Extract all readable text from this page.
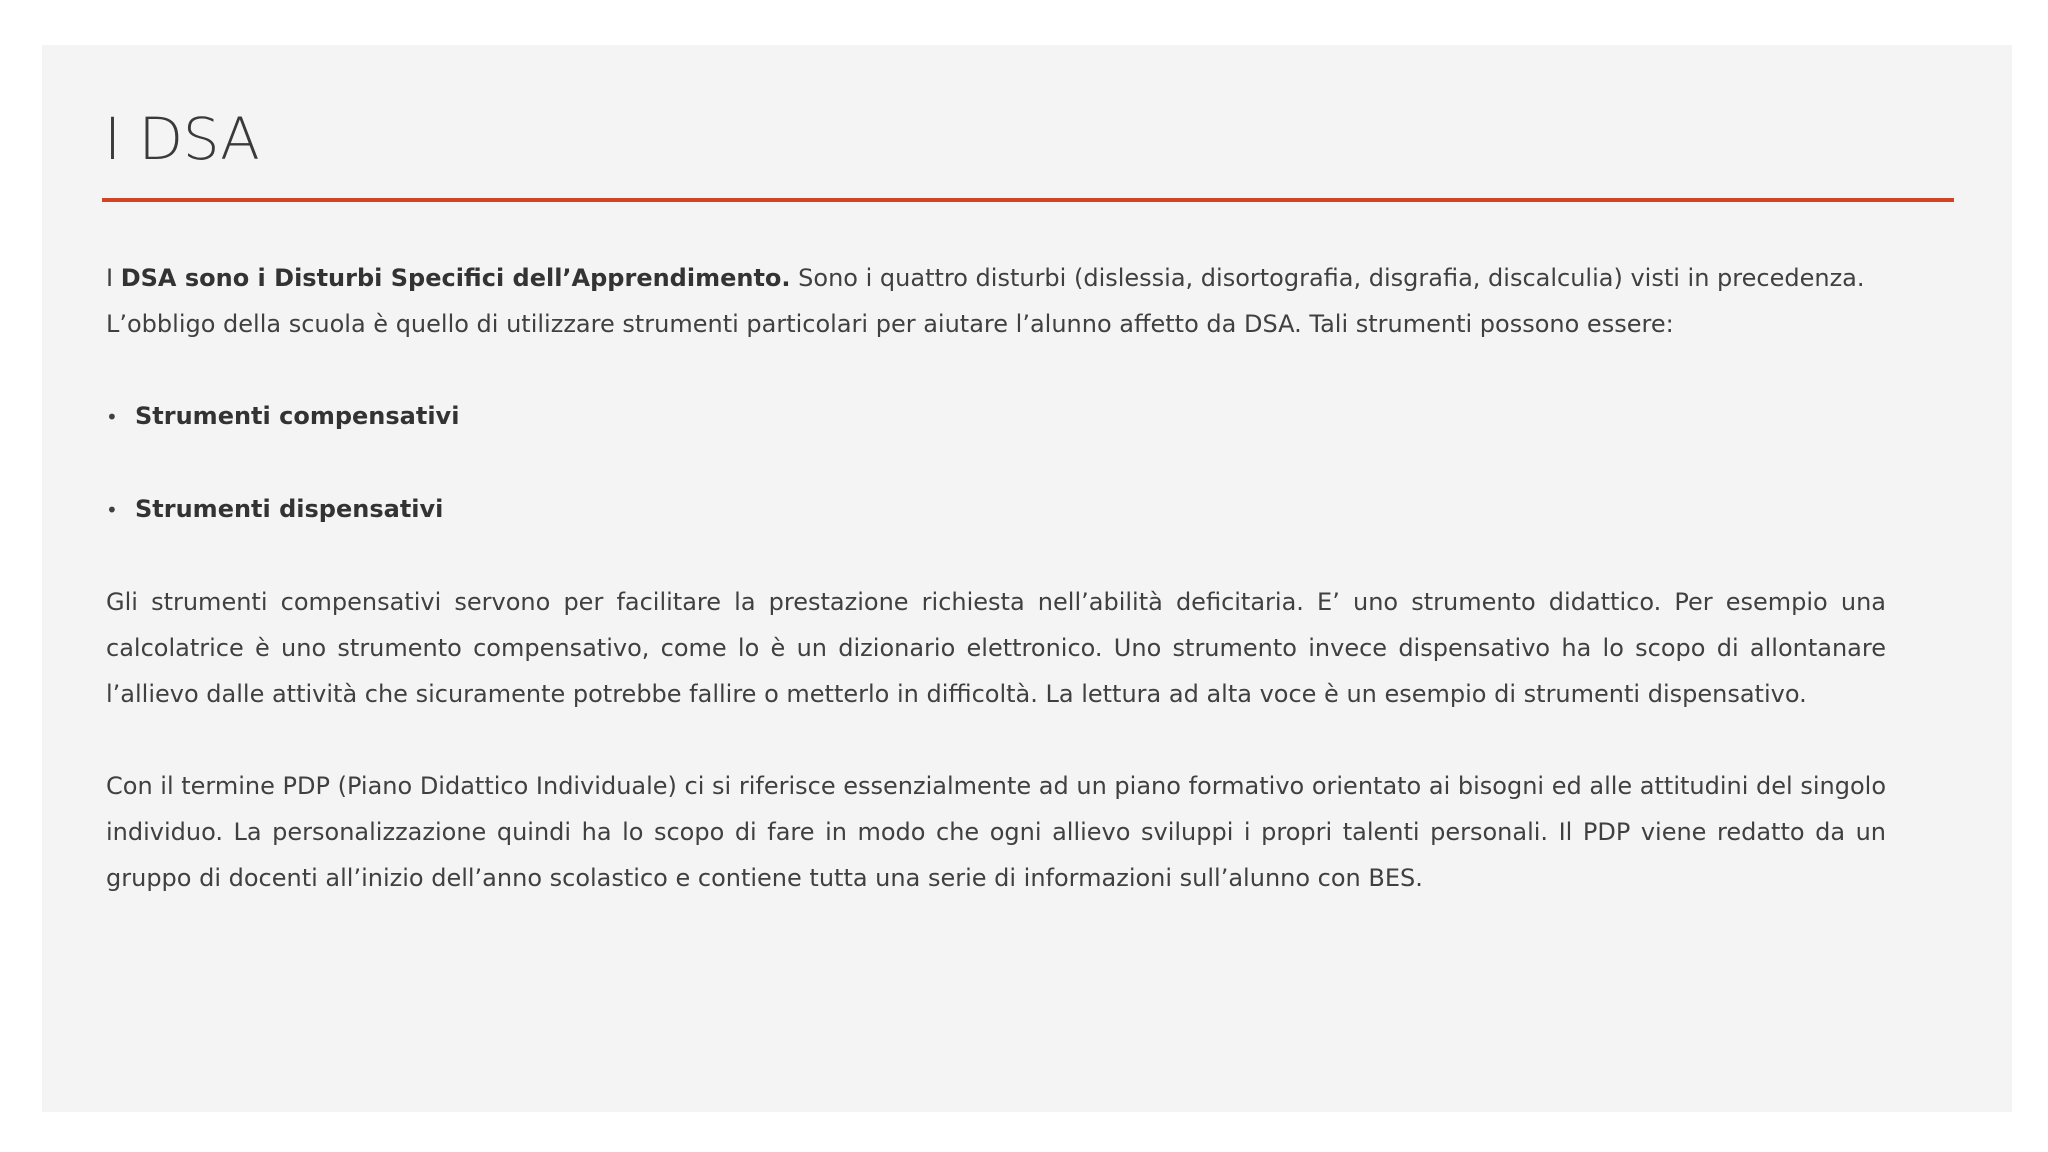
I DSA

I DSA sono i Disturbi Specifici dell’Apprendimento. Sono i quattro disturbi (dislessia, disortografia, disgrafia, discalculia) visti in precedenza. L’obbligo della scuola è quello di utilizzare strumenti particolari per aiutare l’alunno affetto da DSA. Tali strumenti possono essere:

• Strumenti compensativi
• Strumenti dispensativi

Gli strumenti compensativi servono per facilitare la prestazione richiesta nell’abilità deficitaria. E’ uno strumento didattico. Per esempio una calcolatrice è uno strumento compensativo, come lo è un dizionario elettronico. Uno strumento invece dispensativo ha lo scopo di allontanare l’allievo dalle attività che sicuramente potrebbe fallire o metterlo in difficoltà. La lettura ad alta voce è un esempio di strumenti dispensativo.

Con il termine PDP (Piano Didattico Individuale) ci si riferisce essenzialmente ad un piano formativo orientato ai bisogni ed alle attitudini del singolo individuo. La personalizzazione quindi ha lo scopo di fare in modo che ogni allievo sviluppi i propri talenti personali. Il PDP viene redatto da un gruppo di docenti all’inizio dell’anno scolastico e contiene tutta una serie di informazioni sull’alunno con BES.
